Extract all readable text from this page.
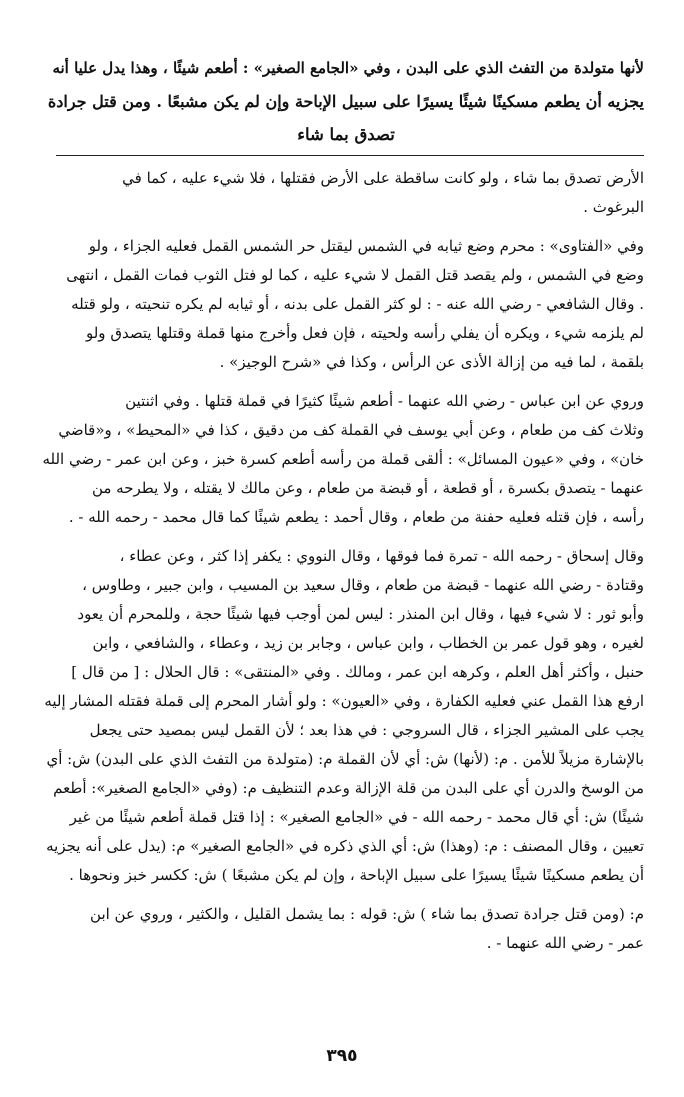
لأنها متولدة من التفث الذي على البدن ، وفي «الجامع الصغير» : أطعم شيئًا ، وهذا يدل عليا أنه
يجزيه أن يطعم مسكينًا شيئًا يسيرًا على سبيل الإباحة وإن لم يكن مشبعًا . ومن قتل جرادة
تصدق بما شاء
الأرض تصدق بما شاء ، ولو كانت ساقطة على الأرض فقتلها ، فلا شيء عليه ، كما في
البرغوث .
وفي «الفتاوى» : محرم وضع ثيابه في الشمس ليقتل حر الشمس القمل فعليه الجزاء ، ولو
وضع في الشمس ، ولم يقصد قتل القمل لا شيء عليه ، كما لو فتل الثوب فمات القمل ، انتهى
. وقال الشافعي - رضي الله عنه - : لو كثر القمل على بدنه ، أو ثيابه لم يكره تنحيته ، ولو قتله
لم يلزمه شيء ، ويكره أن يفلي رأسه ولحيته ، فإن فعل وأخرج منها قملة وقتلها يتصدق ولو
بلقمة ، لما فيه من إزالة الأذى عن الرأس ، وكذا في «شرح الوجيز» .
وروي عن ابن عباس - رضي الله عنهما - أطعم شيئًا كثيرًا في قملة قتلها . وفي اثنتين
وثلاث كف من طعام ، وعن أبي يوسف في القملة كف من دقيق ، كذا في «المحيط» ، و«قاضي
خان» ، وفي «عيون المسائل» : ألقى قملة من رأسه أطعم كسرة خبز ، وعن ابن عمر - رضي الله
عنهما - يتصدق بكسرة ، أو قطعة ، أو قبضة من طعام ، وعن مالك لا يقتله ، ولا يطرحه من
رأسه ، فإن قتله فعليه حفنة من طعام ، وقال أحمد : يطعم شيئًا كما قال محمد - رحمه الله - .
وقال إسحاق - رحمه الله - تمرة فما فوقها ، وقال النووي : يكفر إذا كثر ، وعن عطاء ،
وقتادة - رضي الله عنهما - قبضة من طعام ، وقال سعيد بن المسيب ، وابن جبير ، وطاوس ،
وأبو ثور : لا شيء فيها ، وقال ابن المنذر : ليس لمن أوجب فيها شيئًا حجة ، وللمحرم أن يعود
لغيره ، وهو قول عمر بن الخطاب ، وابن عباس ، وجابر بن زيد ، وعطاء ، والشافعي ، وابن
حنبل ، وأكثر أهل العلم ، وكرهه ابن عمر ، ومالك . وفي «المنتقى» : قال الحلال : [ من قال ]
ارفع هذا القمل عني فعليه الكفارة ، وفي «العيون» : ولو أشار المحرم إلى قملة فقتله المشار إليه
يجب على المشير الجزاء ، قال السروجي : في هذا بعد ؛ لأن القمل ليس بمصيد حتى يجعل
بالإشارة مزيلاً للأمن . م: (لأنها) ش: أي لأن القملة م: (متولدة من التفث الذي على البدن) ش: أي
من الوسخ والدرن أي على البدن من قلة الإزالة وعدم التنظيف م: (وفي «الجامع الصغير»: أطعم
شيئًا) ش: أي قال محمد - رحمه الله - في «الجامع الصغير» : إذا قتل قملة أطعم شيئًا من غير
تعيين ، وقال المصنف : م: (وهذا) ش: أي الذي ذكره في «الجامع الصغير» م: (يدل على أنه يجزيه
أن يطعم مسكينًا شيئًا يسيرًا على سبيل الإباحة ، وإن لم يكن مشبعًا ) ش: ككسر خبز ونحوها .
م: (ومن قتل جرادة تصدق بما شاء ) ش: قوله : بما يشمل القليل ، والكثير ، وروي عن ابن
عمر - رضي الله عنهما - .
٣٩٥
